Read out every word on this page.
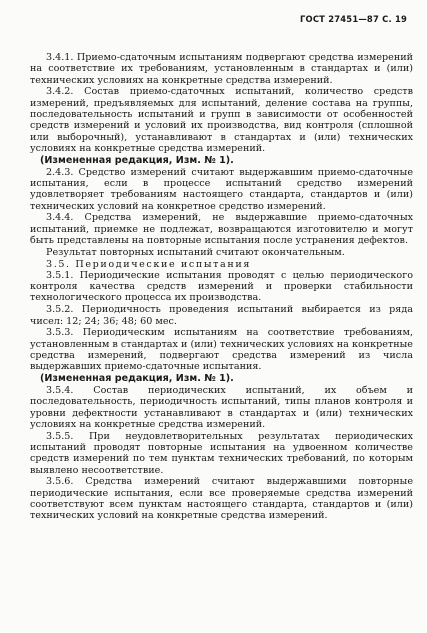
ГОСТ 27451—87 С. 19

3.4.1. Приемо-сдаточным испытаниям подвергают средства измерений на соответствие их требованиям, установленным в стандартах и (или) технических условиях на конкретные средства измерений.

3.4.2. Состав приемо-сдаточных испытаний, количество средств измерений, предъявляемых для испытаний, деление состава на группы, последовательность испытаний и групп в зависимости от особенностей средств измерений и условий их производства, вид контроля (сплошной или выборочный), устанавливают в стандартах и (или) технических условиях на конкретные средства измерений.

(Измененная редакция, Изм. № 1).

2.4.3. Средство измерений считают выдержавшим приемо-сдаточные испытания, если в процессе испытаний средство измерений удовлетворяет требованиям настоящего стандарта, стандартов и (или) технических условий на конкретное средство измерений.

3.4.4. Средства измерений, не выдержавшие приемо-сдаточных испытаний, приемке не подлежат, возвращаются изготовителю и могут быть представлены на повторные испытания после устранения дефектов.

Результат повторных испытаний считают окончательным.

3.5. Периодические испытания

3.5.1. Периодические испытания проводят с целью периодического контроля качества средств измерений и проверки стабильности технологического процесса их производства.

3.5.2. Периодичность проведения испытаний выбирается из ряда чисел: 12; 24; 36; 48; 60 мес.

3.5.3. Периодическим испытаниям на соответствие требованиям, установленным в стандартах и (или) технических условиях на конкретные средства измерений, подвергают средства измерений из числа выдержавших приемо-сдаточные испытания.

(Измененная редакция, Изм. № 1).

3.5.4. Состав периодических испытаний, их объем и последовательность, периодичность испытаний, типы планов контроля и уровни дефектности устанавливают в стандартах и (или) технических условиях на конкретные средства измерений.

3.5.5. При неудовлетворительных результатах периодических испытаний проводят повторные испытания на удвоенном количестве средств измерений по тем пунктам технических требований, по которым выявлено несоответствие.

3.5.6. Средства измерений считают выдержавшими повторные периодические испытания, если все проверяемые средства измерений соответствуют всем пунктам настоящего стандарта, стандартов и (или) технических условий на конкретные средства измерений.
